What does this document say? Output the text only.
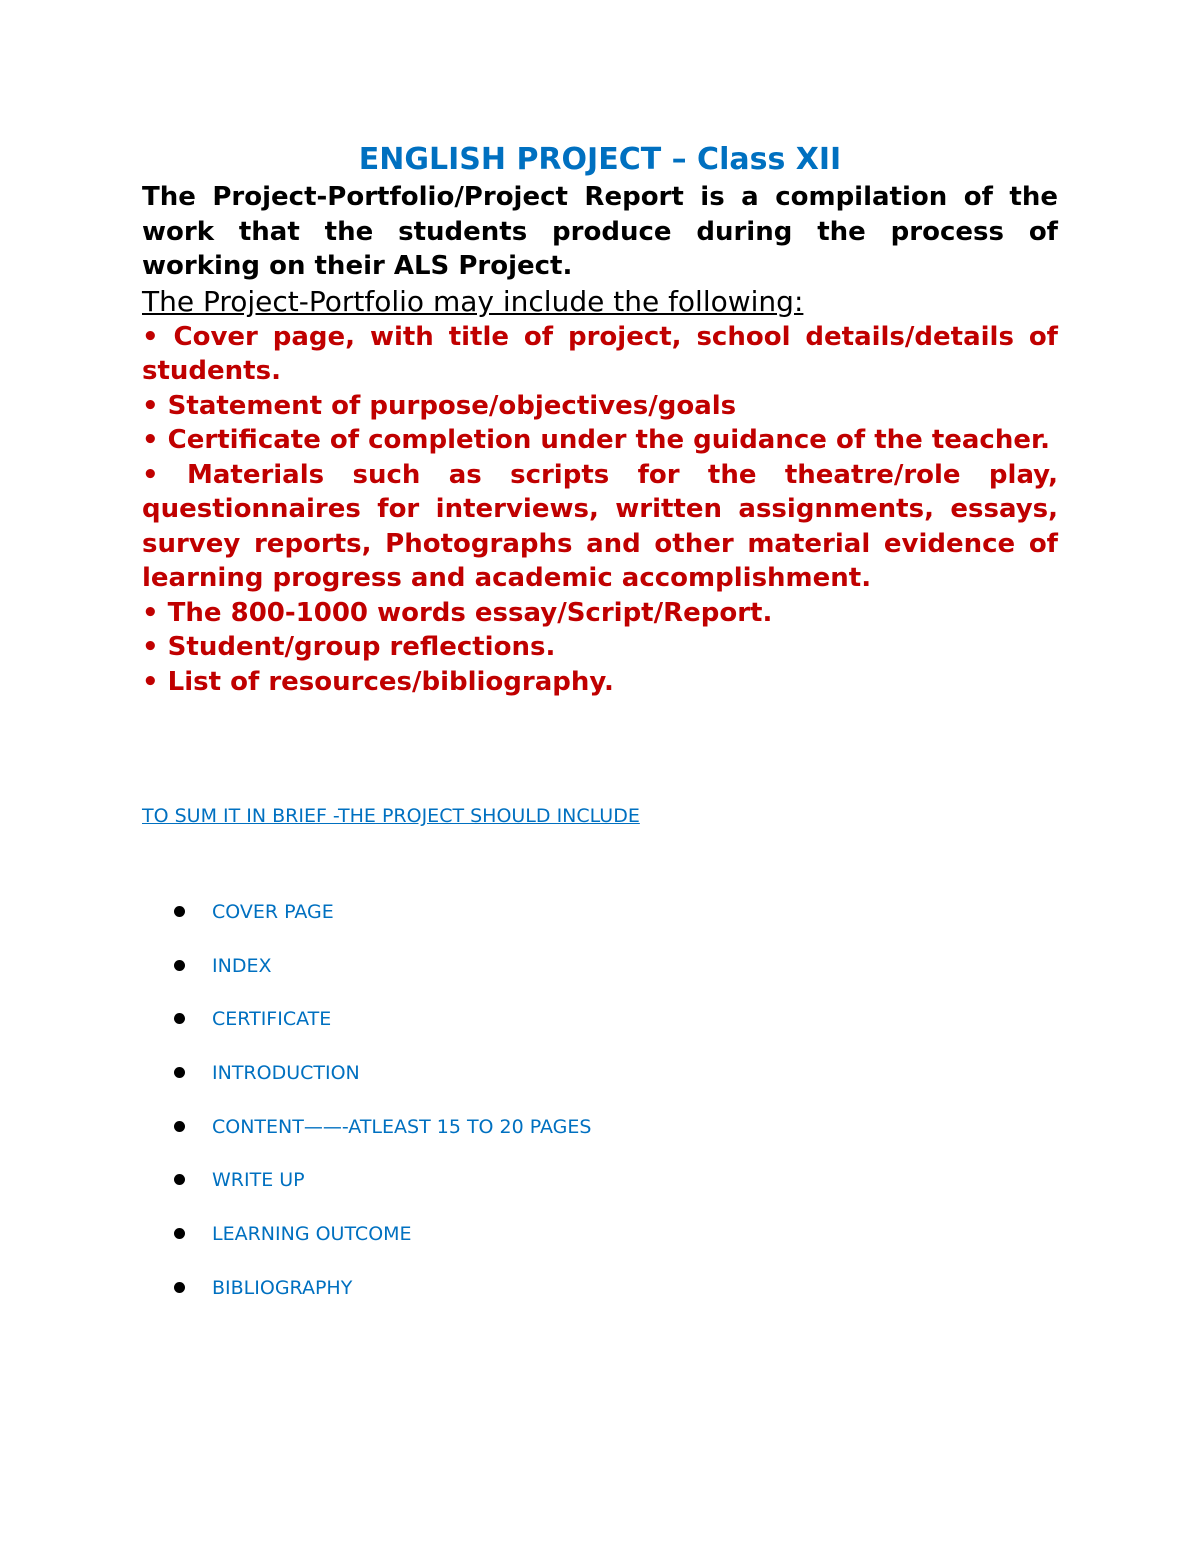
ENGLISH PROJECT – Class XII

The Project-Portfolio/Project Report is a compilation of the work that the students produce during the process of working on their ALS Project.

The Project-Portfolio may include the following:
• Cover page, with title of project, school details/details of students.
• Statement of purpose/objectives/goals
• Certificate of completion under the guidance of the teacher.
• Materials such as scripts for the theatre/role play, questionnaires for interviews, written assignments, essays, survey reports, Photographs and other material evidence of learning progress and academic accomplishment.
• The 800-1000 words essay/Script/Report.
• Student/group reflections.
• List of resources/bibliography.

TO SUM IT IN BRIEF -THE PROJECT SHOULD INCLUDE

COVER PAGE
INDEX
CERTIFICATE
INTRODUCTION
CONTENT——-ATLEAST 15 TO 20 PAGES
WRITE UP
LEARNING OUTCOME
BIBLIOGRAPHY
